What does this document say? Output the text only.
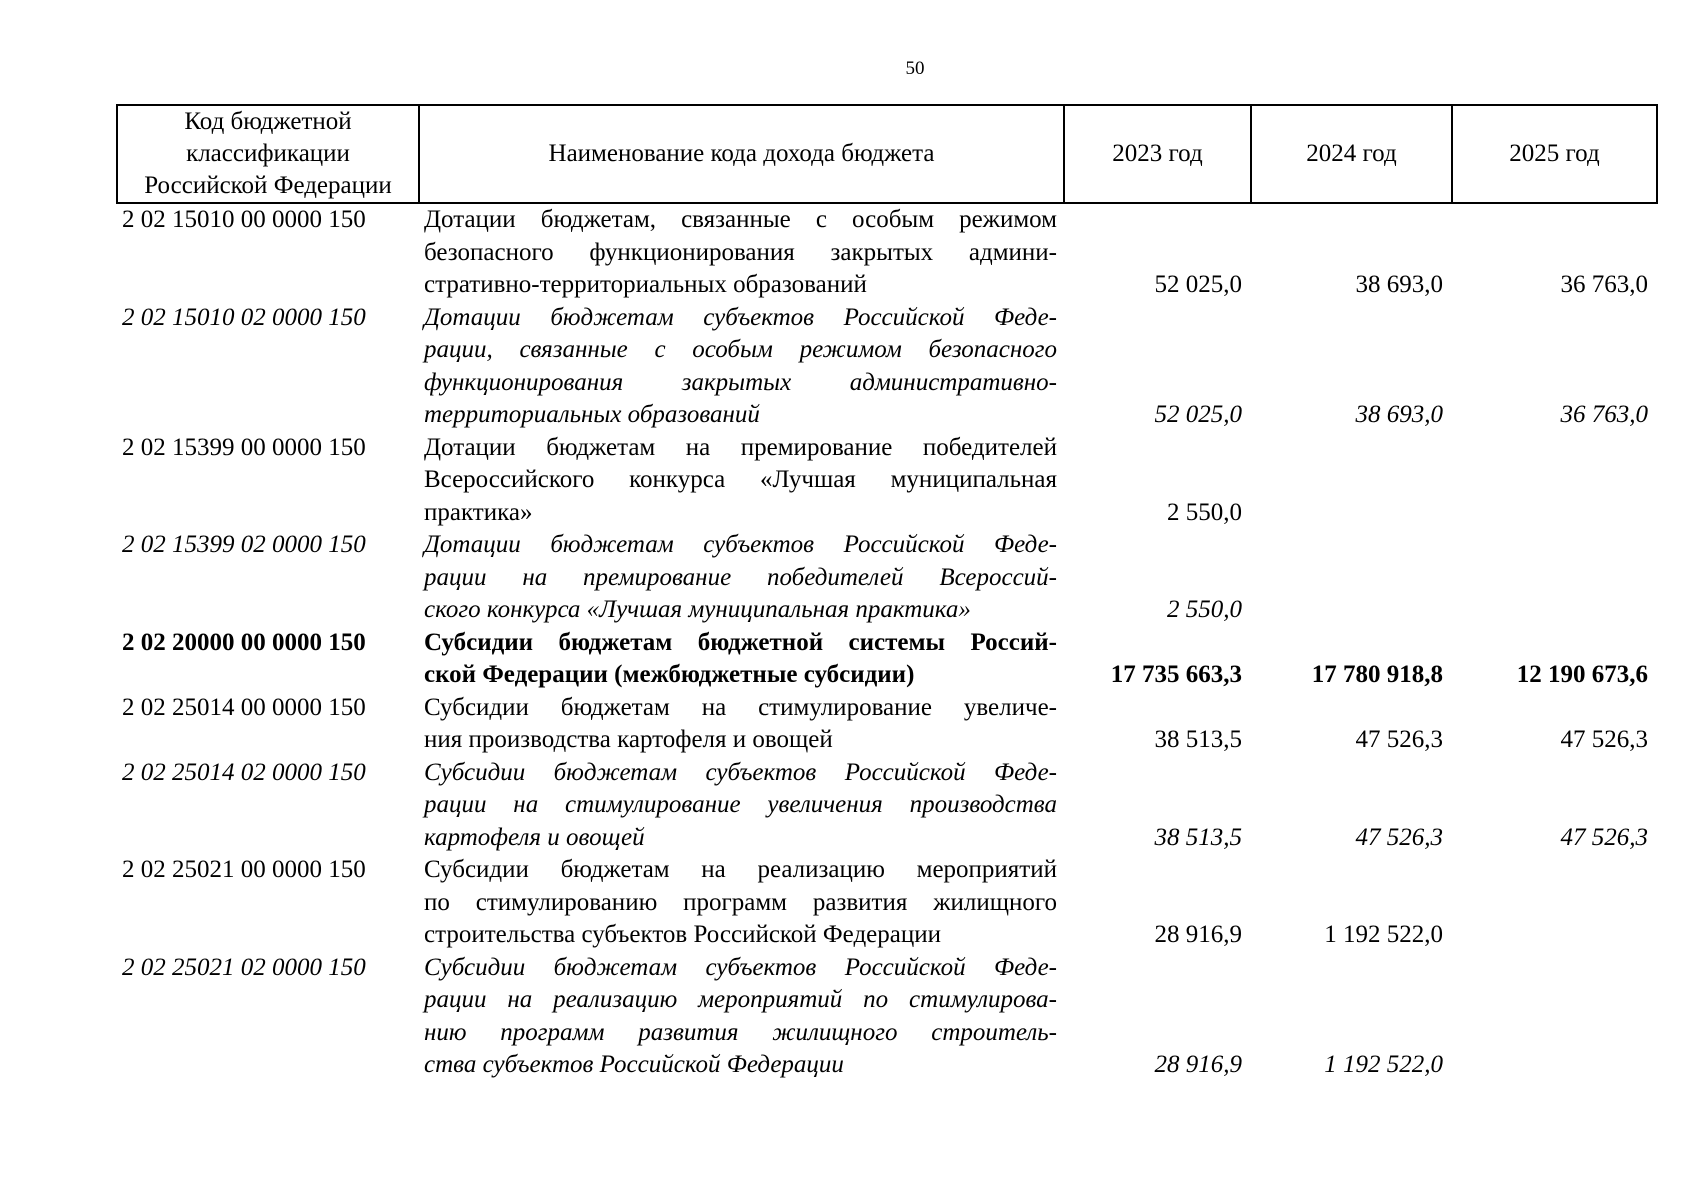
50
Код бюджетной
классификации
Российской Федерации
	Наименование кода дохода бюджета	2023 год	2024 год	2025 год
2 02 15010 00 0000 150	Дотации бюджетам, связанные с особым режимом
безопасного функционирования закрытых админи-
стративно-территориальных образований	52 025,0	38 693,0	36 763,0
2 02 15010 02 0000 150	Дотации бюджетам субъектов Российской Феде-
рации, связанные с особым режимом безопасного
функционирования закрытых административно-
территориальных образований	52 025,0	38 693,0	36 763,0
2 02 15399 00 0000 150	Дотации бюджетам на премирование победителей
Всероссийского конкурса «Лучшая муниципальная
практика»	2 550,0
2 02 15399 02 0000 150	Дотации бюджетам субъектов Российской Феде-
рации на премирование победителей Всероссий-
ского конкурса «Лучшая муниципальная практика»	2 550,0
2 02 20000 00 0000 150	Субсидии бюджетам бюджетной системы Россий-
ской Федерации (межбюджетные субсидии)	17 735 663,3	17 780 918,8	12 190 673,6
2 02 25014 00 0000 150	Субсидии бюджетам на стимулирование увеличе-
ния производства картофеля и овощей	38 513,5	47 526,3	47 526,3
2 02 25014 02 0000 150	Субсидии бюджетам субъектов Российской Феде-
рации на стимулирование увеличения производства
картофеля и овощей	38 513,5	47 526,3	47 526,3
2 02 25021 00 0000 150	Субсидии бюджетам на реализацию мероприятий
по стимулированию программ развития жилищного
строительства субъектов Российской Федерации	28 916,9	1 192 522,0
2 02 25021 02 0000 150	Субсидии бюджетам субъектов Российской Феде-
рации на реализацию мероприятий по стимулирова-
нию программ развития жилищного строитель-
ства субъектов Российской Федерации	28 916,9	1 192 522,0
